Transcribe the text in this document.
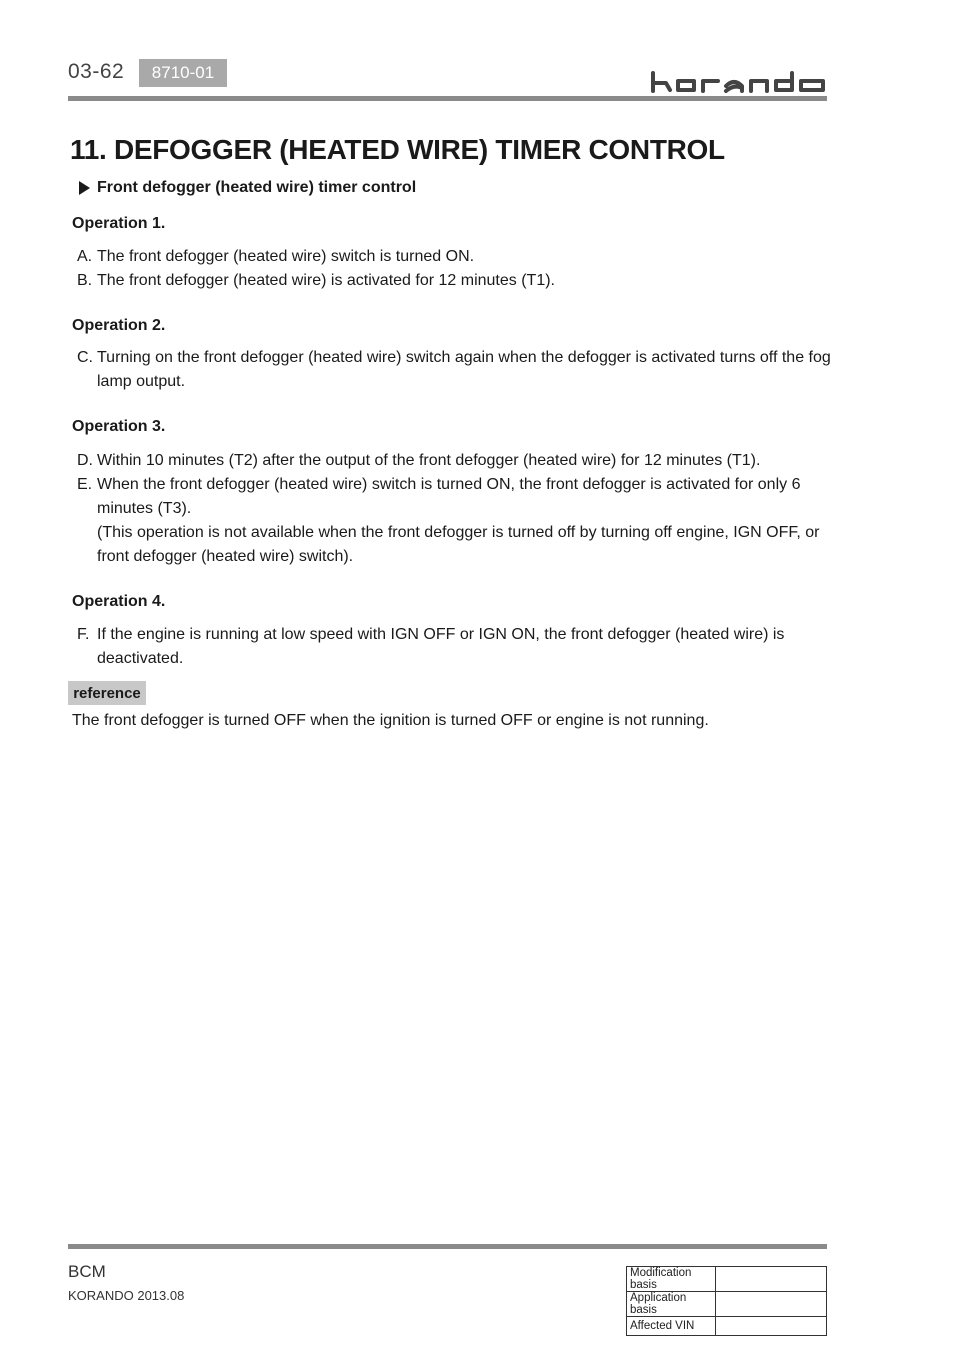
03-62	8710-01
11. DEFOGGER (HEATED WIRE) TIMER CONTROL
Front defogger (heated wire) timer control
Operation 1.
A. The front defogger (heated wire) switch is turned ON.
B. The front defogger (heated wire) is activated for 12 minutes (T1).
Operation 2.
C. Turning on the front defogger (heated wire) switch again when the defogger is activated turns off the fog lamp output.
Operation 3.
D. Within 10 minutes (T2) after the output of the front defogger (heated wire) for 12 minutes (T1).
E. When the front defogger (heated wire) switch is turned ON, the front defogger is activated for only 6 minutes (T3).
(This operation is not available when the front defogger is turned off by turning off engine, IGN OFF, or front defogger (heated wire) switch).
Operation 4.
F. If the engine is running at low speed with IGN OFF or IGN ON, the front defogger (heated wire) is deactivated.
reference
The front defogger is turned OFF when the ignition is turned OFF or engine is not running.
BCM
KORANDO 2013.08
Modification basis	
Application basis	
Affected VIN	
